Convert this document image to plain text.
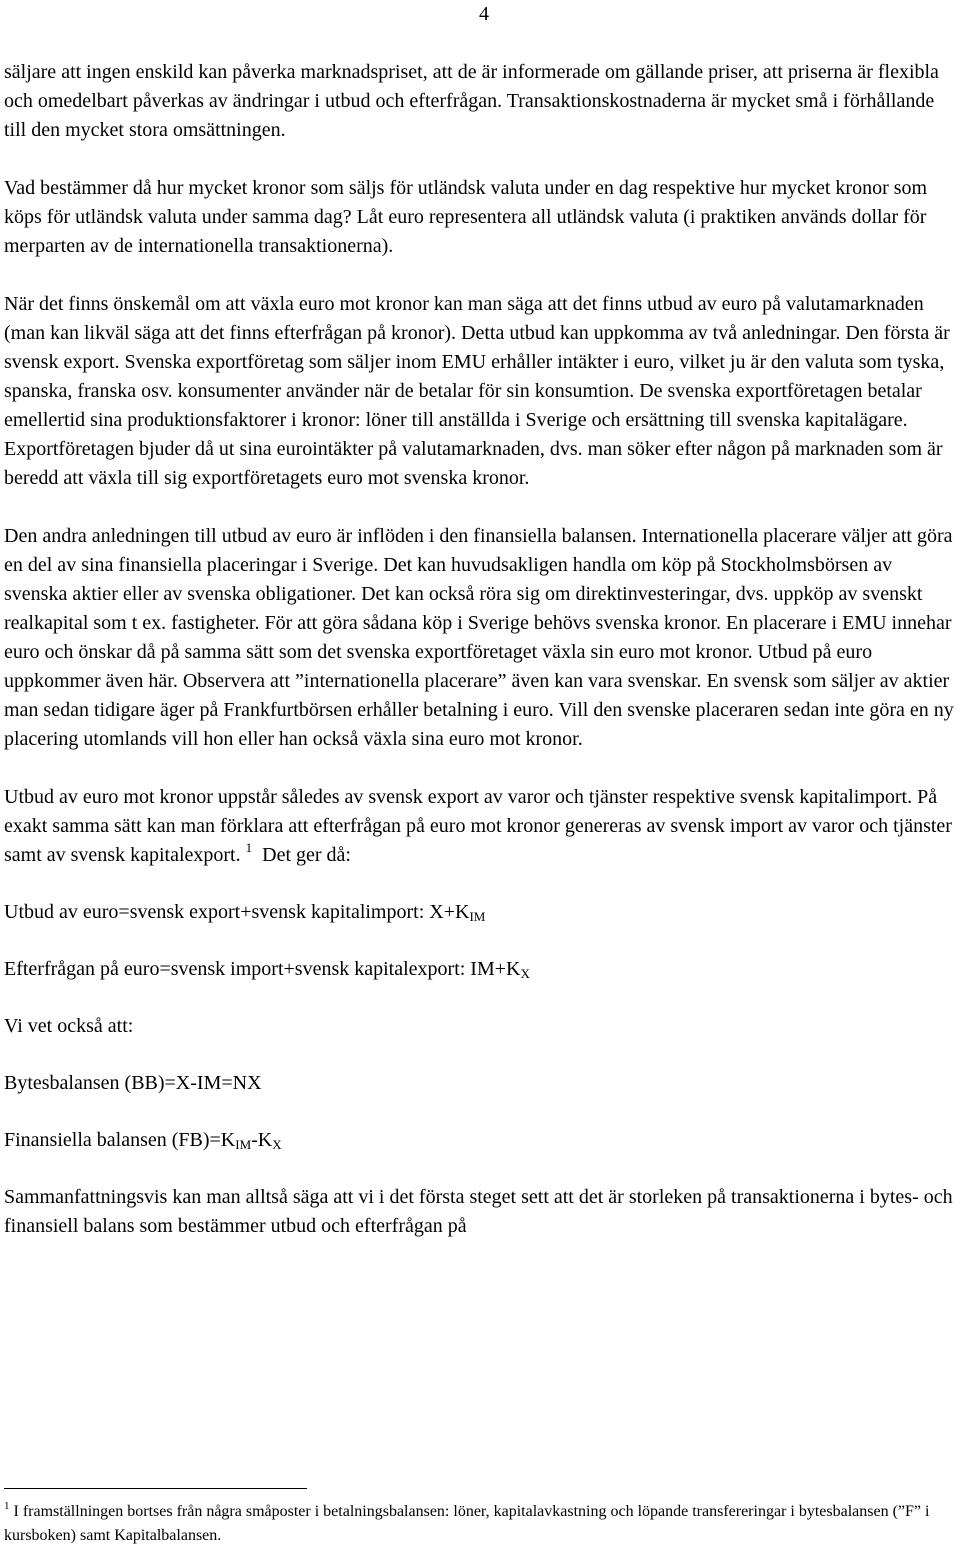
4

säljare att ingen enskild kan påverka marknadspriset, att de är informerade om gällande priser, att priserna är flexibla och omedelbart påverkas av ändringar i utbud och efterfrågan. Transaktionskostnaderna är mycket små i förhållande till den mycket stora omsättningen.

Vad bestämmer då hur mycket kronor som säljs för utländsk valuta under en dag respektive hur mycket kronor som köps för utländsk valuta under samma dag? Låt euro representera all utländsk valuta (i praktiken används dollar för merparten av de internationella transaktionerna).

När det finns önskemål om att växla euro mot kronor kan man säga att det finns utbud av euro på valutamarknaden (man kan likväl säga att det finns efterfrågan på kronor). Detta utbud kan uppkomma av två anledningar. Den första är svensk export. Svenska exportföretag som säljer inom EMU erhåller intäkter i euro, vilket ju är den valuta som tyska, spanska, franska osv. konsumenter använder när de betalar för sin konsumtion. De svenska exportföretagen betalar emellertid sina produktionsfaktorer i kronor: löner till anställda i Sverige och ersättning till svenska kapitalägare. Exportföretagen bjuder då ut sina eurointäkter på valutamarknaden, dvs. man söker efter någon på marknaden som är beredd att växla till sig exportföretagets euro mot svenska kronor.

Den andra anledningen till utbud av euro är inflöden i den finansiella balansen. Internationella placerare väljer att göra en del av sina finansiella placeringar i Sverige. Det kan huvudsakligen handla om köp på Stockholmsbörsen av svenska aktier eller av svenska obligationer. Det kan också röra sig om direktinvesteringar, dvs. uppköp av svenskt realkapital som t ex. fastigheter. För att göra sådana köp i Sverige behövs svenska kronor. En placerare i EMU innehar euro och önskar då på samma sätt som det svenska exportföretaget växla sin euro mot kronor. Utbud på euro uppkommer även här. Observera att ”internationella placerare” även kan vara svenskar. En svensk som säljer av aktier man sedan tidigare äger på Frankfurtbörsen erhåller betalning i euro. Vill den svenske placeraren sedan inte göra en ny placering utomlands vill hon eller han också växla sina euro mot kronor.

Utbud av euro mot kronor uppstår således av svensk export av varor och tjänster respektive svensk kapitalimport. På exakt samma sätt kan man förklara att efterfrågan på euro mot kronor genereras av svensk import av varor och tjänster samt av svensk kapitalexport. $^1$  Det ger då:

Utbud av euro=svensk export+svensk kapitalimport: $X+K_{IM}$

Efterfrågan på euro=svensk import+svensk kapitalexport: $IM+K_X$

Vi vet också att:

Bytesbalansen (BB)=X-IM=NX

Finansiella balansen $(FB)=K_{IM}-K_X$

Sammanfattningsvis kan man alltså säga att vi i det första steget sett att det är storleken på transaktionerna i bytes- och finansiell balans som bestämmer utbud och efterfrågan på

$^1$ I framställningen bortses från några småposter i betalningsbalansen: löner, kapitalavkastning och löpande transfereringar i bytesbalansen (”F” i kursboken) samt Kapitalbalansen.
